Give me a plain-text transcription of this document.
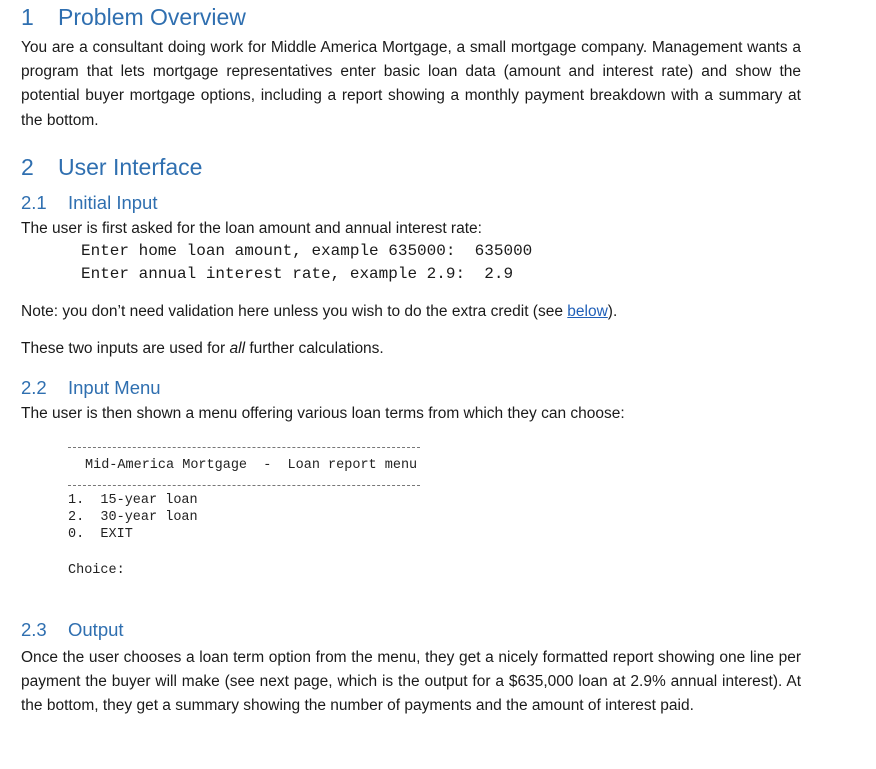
1 Problem Overview
You are a consultant doing work for Middle America Mortgage, a small mortgage company. Management wants a program that lets mortgage representatives enter basic loan data (amount and interest rate) and show the potential buyer mortgage options, including a report showing a monthly payment breakdown with a summary at the bottom.
2 User Interface
2.1 Initial Input
The user is first asked for the loan amount and annual interest rate:
Enter home loan amount, example 635000: 635000
Enter annual interest rate, example 2.9: 2.9
Note: you don’t need validation here unless you wish to do the extra credit (see below).
These two inputs are used for all further calculations.
2.2 Input Menu
The user is then shown a menu offering various loan terms from which they can choose:
Mid-America Mortgage  -  Loan report menu
1. 15-year loan
2. 30-year loan
0. EXIT
Choice:
2.3 Output
Once the user chooses a loan term option from the menu, they get a nicely formatted report showing one line per payment the buyer will make (see next page, which is the output for a $635,000 loan at 2.9% annual interest). At the bottom, they get a summary showing the number of payments and the amount of interest paid.
